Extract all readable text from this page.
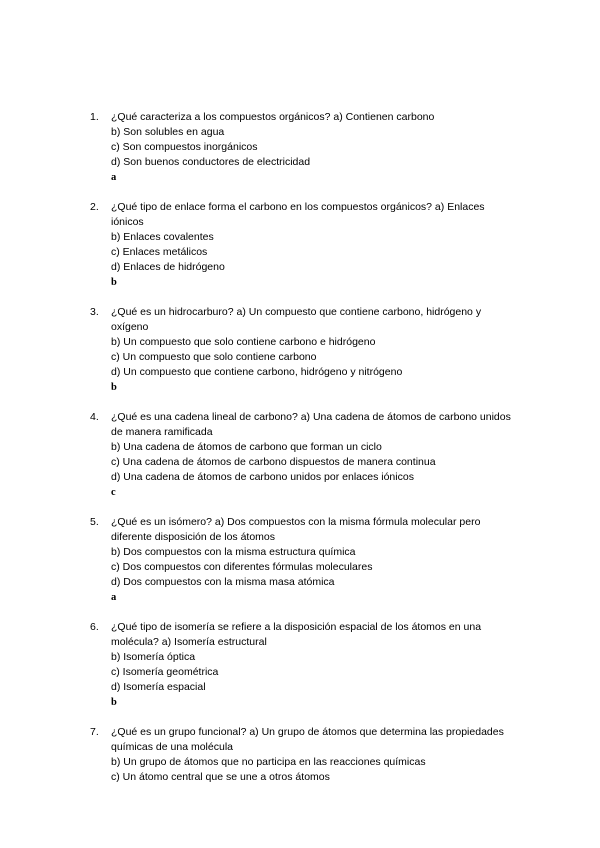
1. ¿Qué caracteriza a los compuestos orgánicos? a) Contienen carbono
b) Son solubles en agua
c) Son compuestos inorgánicos
d) Son buenos conductores de electricidad
a
2. ¿Qué tipo de enlace forma el carbono en los compuestos orgánicos? a) Enlaces iónicos
b) Enlaces covalentes
c) Enlaces metálicos
d) Enlaces de hidrógeno
b
3. ¿Qué es un hidrocarburo? a) Un compuesto que contiene carbono, hidrógeno y oxígeno
b) Un compuesto que solo contiene carbono e hidrógeno
c) Un compuesto que solo contiene carbono
d) Un compuesto que contiene carbono, hidrógeno y nitrógeno
b
4. ¿Qué es una cadena lineal de carbono? a) Una cadena de átomos de carbono unidos de manera ramificada
b) Una cadena de átomos de carbono que forman un ciclo
c) Una cadena de átomos de carbono dispuestos de manera continua
d) Una cadena de átomos de carbono unidos por enlaces iónicos
c
5. ¿Qué es un isómero? a) Dos compuestos con la misma fórmula molecular pero diferente disposición de los átomos
b) Dos compuestos con la misma estructura química
c) Dos compuestos con diferentes fórmulas moleculares
d) Dos compuestos con la misma masa atómica
a
6. ¿Qué tipo de isomería se refiere a la disposición espacial de los átomos en una molécula? a) Isomería estructural
b) Isomería óptica
c) Isomería geométrica
d) Isomería espacial
b
7. ¿Qué es un grupo funcional? a) Un grupo de átomos que determina las propiedades químicas de una molécula
b) Un grupo de átomos que no participa en las reacciones químicas
c) Un átomo central que se une a otros átomos
